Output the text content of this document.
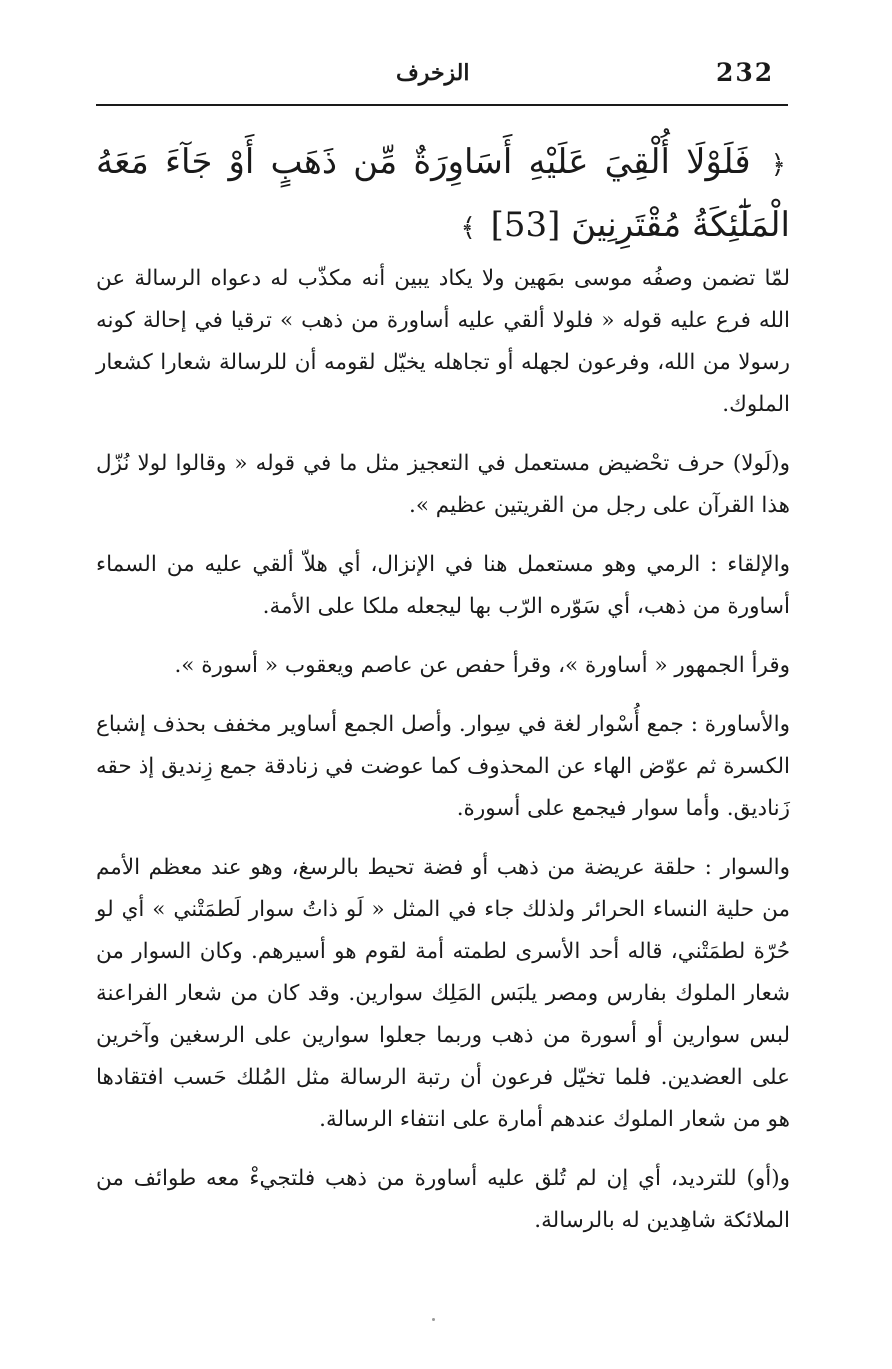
232
الزخرف
﴿ فَلَوْلَا أُلْقِيَ عَلَيْهِ أَسَاوِرَةٌ مِّن ذَهَبٍ أَوْ جَآءَ مَعَهُ الْمَلَٰٓئِكَةُ مُقْتَرِنِينَ [53] ﴾

لمّا تضمن وصفُه موسى بمَهين ولا يكاد يبين أنه مكذّب له دعواه الرسالة عن الله فرع عليه قوله « فلولا ألقي عليه أساورة من ذهب » ترقيا في إحالة كونه رسولا من الله، وفرعون لجهله أو تجاهله يخيّل لقومه أن للرسالة شعارا كشعار الملوك.

و(لَولا) حرف تحْضيض مستعمل في التعجيز مثل ما في قوله « وقالوا لولا نُزّل هذا القرآن على رجل من القريتين عظيم ».

والإلقاء : الرمي وهو مستعمل هنا في الإنزال، أي هلاّ ألقي عليه من السماء أساورة من ذهب، أي سَوّره الرّب بها ليجعله ملكا على الأمة.

وقرأ الجمهور « أساورة »، وقرأ حفص عن عاصم ويعقوب « أسورة ».

والأساورة : جمع أُسْوار لغة في سِوار. وأصل الجمع أساوير مخفف بحذف إشباع الكسرة ثم عوّض الهاء عن المحذوف كما عوضت في زنادقة جمع زِنديق إذ حقه زَناديق. وأما سوار فيجمع على أسورة.

والسوار : حلقة عريضة من ذهب أو فضة تحيط بالرسغ، وهو عند معظم الأمم من حلية النساء الحرائر ولذلك جاء في المثل « لَو ذاتُ سوار لَطمَتْني » أي لو حُرّة لطمَتْني، قاله أحد الأسرى لطمته أمة لقوم هو أسيرهم. وكان السوار من شعار الملوك بفارس ومصر يلبَس المَلِك سوارين. وقد كان من شعار الفراعنة لبس سوارين أو أسورة من ذهب وربما جعلوا سوارين على الرسغين وآخرين على العضدين. فلما تخيّل فرعون أن رتبة الرسالة مثل المُلك حَسب افتقادها هو من شعار الملوك عندهم أمارة على انتفاء الرسالة.

و(أو) للترديد، أي إن لم تُلق عليه أساورة من ذهب فلتجيءْ معه طوائف من الملائكة شاهِدين له بالرسالة.
